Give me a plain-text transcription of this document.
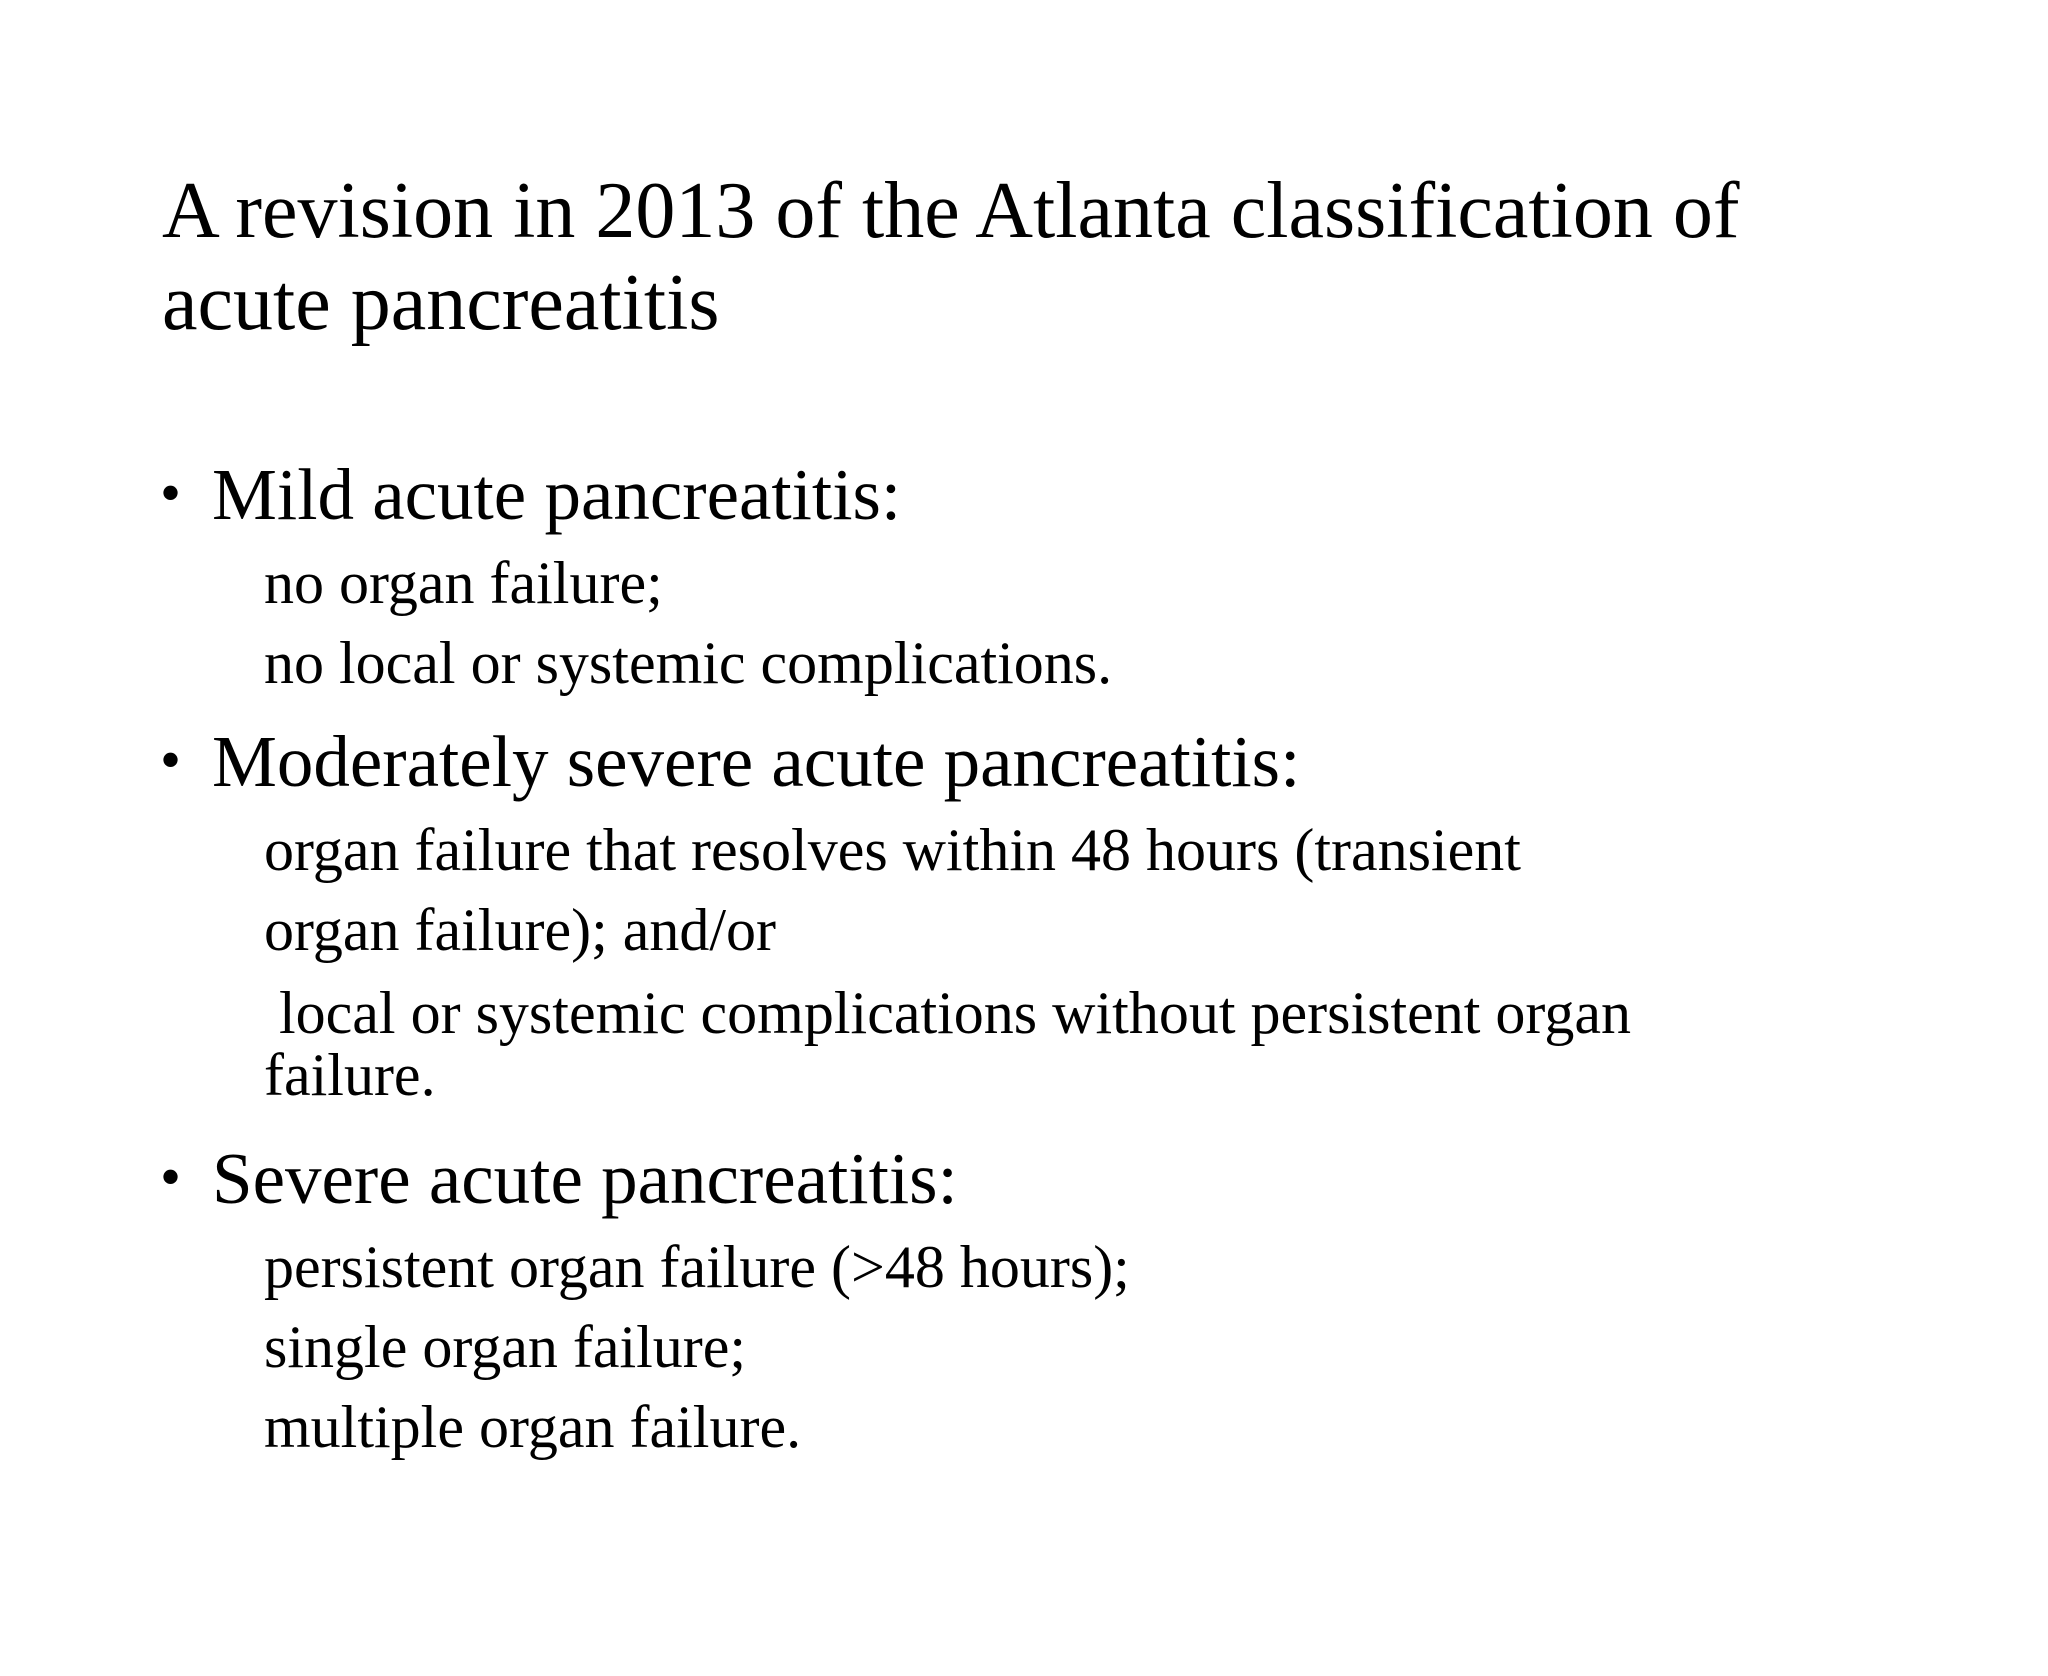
A revision in 2013 of the Atlanta classification of acute pancreatitis
• Mild acute pancreatitis:

no organ failure;

no local or systemic complications.

• Moderately severe acute pancreatitis:

organ failure that resolves within 48 hours (transient

organ failure); and/or

local or systemic complications without persistent organ

failure.

• Severe acute pancreatitis:

persistent organ failure (>48 hours);

single organ failure;

multiple organ failure.
